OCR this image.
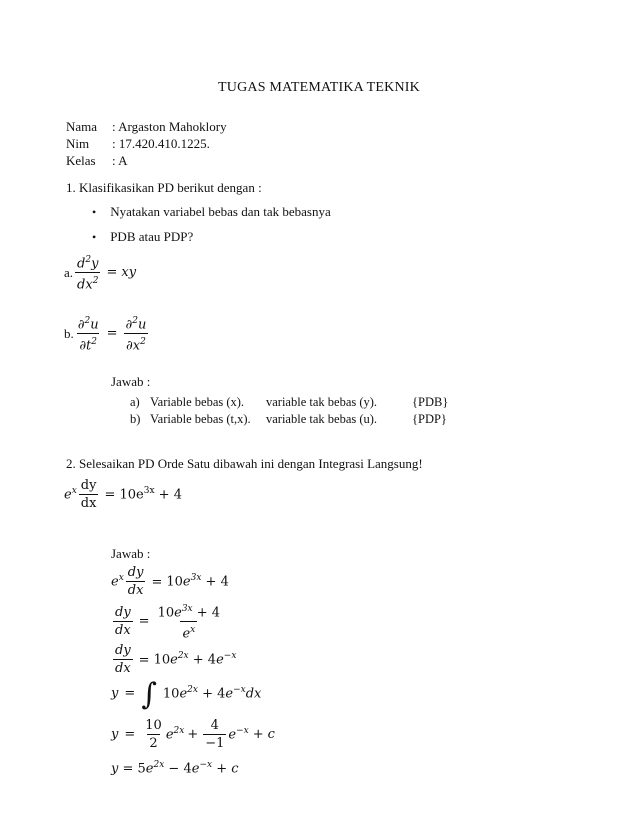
TUGAS MATEMATIKA TEKNIK
Nama	: Argaston Mahoklory
Nim	: 17.420.410.1225.
Kelas	: A
1. Klasifikasikan PD berikut dengan :
• Nyatakan variabel bebas dan tak bebasnya
• PDB atau PDP?
a. $\frac{d^2y}{dx^2}$ = xy
b. $\frac{\partial^2u}{\partial t^2} = \frac{\partial^2u}{\partial x^2}$
Jawab :
a) Variable bebas (x). variable tak bebas (y).	{PDB}
b) Variable bebas (t,x). variable tak bebas (u).	{PDP}
2. Selesaikan PD Orde Satu dibawah ini dengan Integrasi Langsung!
$e^x \frac{dy}{dx} = 10e^{3x} + 4$
Jawab :
$e^x \frac{dy}{dx} = 10e^{3x} + 4$
$\frac{dy}{dx} = \frac{10e^{3x} + 4}{e^x}$
$\frac{dy}{dx} = 10e^{2x} + 4e^{-x}$
y = ∫ $10e^{2x} + 4e^{-x}dx$
$y = \frac{10}{2} e^{2x} + \frac{4}{-1} e^{-x} + c$
$y = 5e^{2x} - 4e^{-x} + c$
